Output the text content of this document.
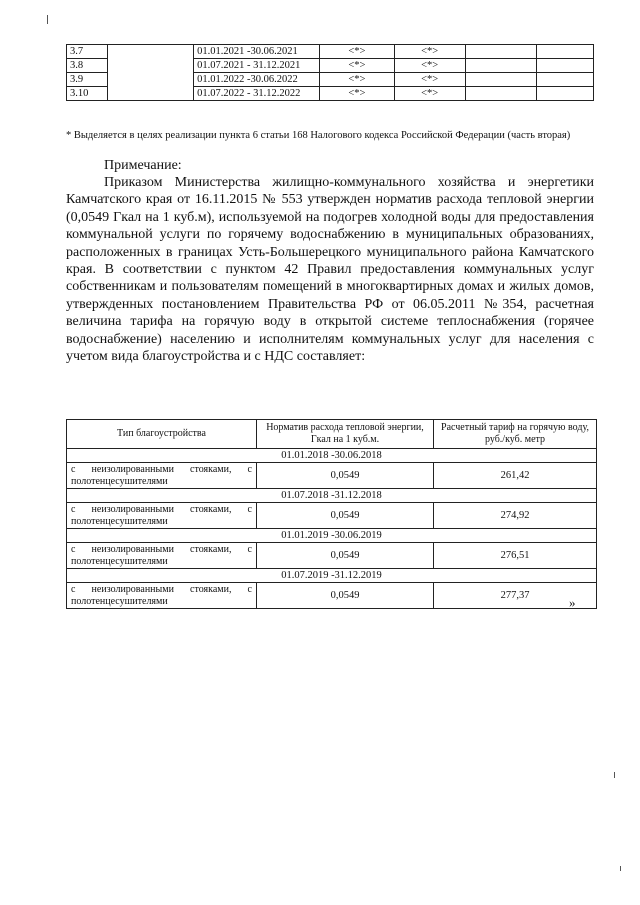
3.7		01.01.2021 -30.06.2021	<*>	<*>		
3.8		01.07.2021 - 31.12.2021	<*>	<*>		
3.9		01.01.2022 -30.06.2022	<*>	<*>		
3.10		01.07.2022 - 31.12.2022	<*>	<*>		
* Выделяется в целях реализации пункта 6 статьи 168 Налогового кодекса Российской Федерации (часть вторая)
Примечание:
Приказом Министерства жилищно-коммунального хозяйства и энергетики Камчатского края от 16.11.2015 № 553 утвержден норматив расхода тепловой энергии (0,0549 Гкал на 1 куб.м), используемой на подогрев холодной воды для предоставления коммунальной услуги по горячему водоснабжению в муниципальных образованиях, расположенных в границах Усть-Большерецкого муниципального района Камчатского края. В соответствии с пунктом 42 Правил предоставления коммунальных услуг собственникам и пользователям помещений в многоквартирных домах и жилых домов, утвержденных постановлением Правительства РФ от 06.05.2011 №354, расчетная величина тарифа на горячую воду в открытой системе теплоснабжения (горячее водоснабжение) населению и исполнителям коммунальных услуг для населения с учетом вида благоустройства и с НДС составляет:
Тип благоустройства	Норматив расхода тепловой энергии, Гкал на 1 куб.м.	Расчетный тариф на горячую воду, руб./куб. метр
01.01.2018 -30.06.2018		
с неизолированными стояками, с полотенцесушителями	0,0549	261,42
01.07.2018 -31.12.2018		
с неизолированными стояками, с полотенцесушителями	0,0549	274,92
01.01.2019 -30.06.2019		
с неизолированными стояками, с полотенцесушителями	0,0549	276,51
01.07.2019 -31.12.2019		
с неизолированными стояками, с полотенцесушителями	0,0549	277,37	»
